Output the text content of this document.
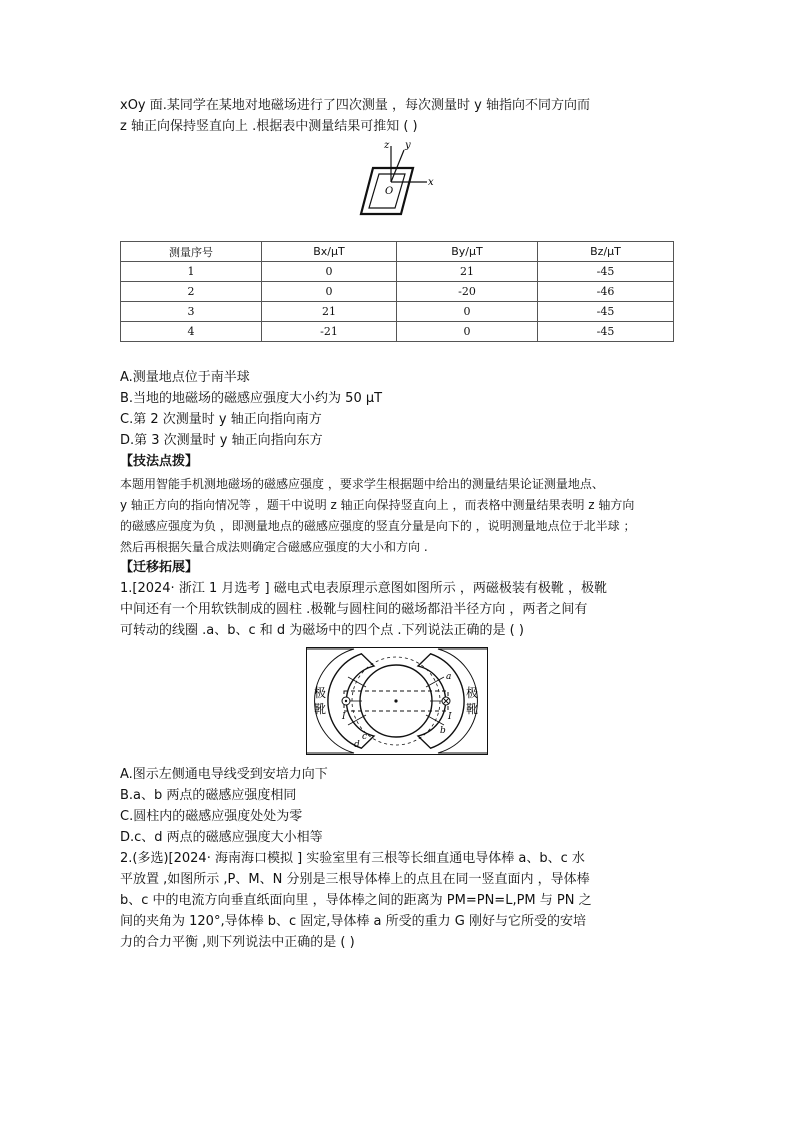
xOy 面.某同学在某地对地磁场进行了四次测量 ，每次测量时 y 轴指向不同方向而
z 轴正向保持竖直向上 .根据表中测量结果可推知 ( )
z y
x
O
测量序号	Bx/μT	By/μT	Bz/μT
1	0	21	-45
2	0	-20	-46
3	21	0	-45
4	-21	0	-45
A.测量地点位于南半球
B.当地的地磁场的磁感应强度大小约为 50 μT
C.第 2 次测量时 y 轴正向指向南方
D.第 3 次测量时 y 轴正向指向东方
【技法点拨】
本题用智能手机测地磁场的磁感应强度 ，要求学生根据题中给出的测量结果论证测量地点、
y 轴正方向的指向情况等 ，题干中说明 z 轴正向保持竖直向上 ，而表格中测量结果表明 z 轴方向
的磁感应强度为负 ，即测量地点的磁感应强度的竖直分量是向下的 ，说明测量地点位于北半球 ；
然后再根据矢量合成法则确定合磁感应强度的大小和方向 .
【迁移拓展】
1.[2024· 浙江 1 月选考 ] 磁电式电表原理示意图如图所示 ，两磁极装有极靴 ，极靴
中间还有一个用软铁制成的圆柱 .极靴与圆柱间的磁场都沿半径方向 ，两者之间有
可转动的线圈 .a、b、c 和 d 为磁场中的四个点 .下列说法正确的是 ( )
极
靴
极
靴
a
b
c
d
I	I
A.图示左侧通电导线受到安培力向下
B.a、b 两点的磁感应强度相同
C.圆柱内的磁感应强度处处为零
D.c、d 两点的磁感应强度大小相等
2.(多选)[2024· 海南海口模拟 ] 实验室里有三根等长细直通电导体棒 a、b、c 水
平放置 ,如图所示 ,P、M、N 分别是三根导体棒上的点且在同一竖直面内 ，导体棒
b、c 中的电流方向垂直纸面向里 ，导体棒之间的距离为 PM=PN=L,PM 与 PN 之
间的夹角为 120°,导体棒 b、c 固定,导体棒 a 所受的重力 G 刚好与它所受的安培
力的合力平衡 ,则下列说法中正确的是 ( )
